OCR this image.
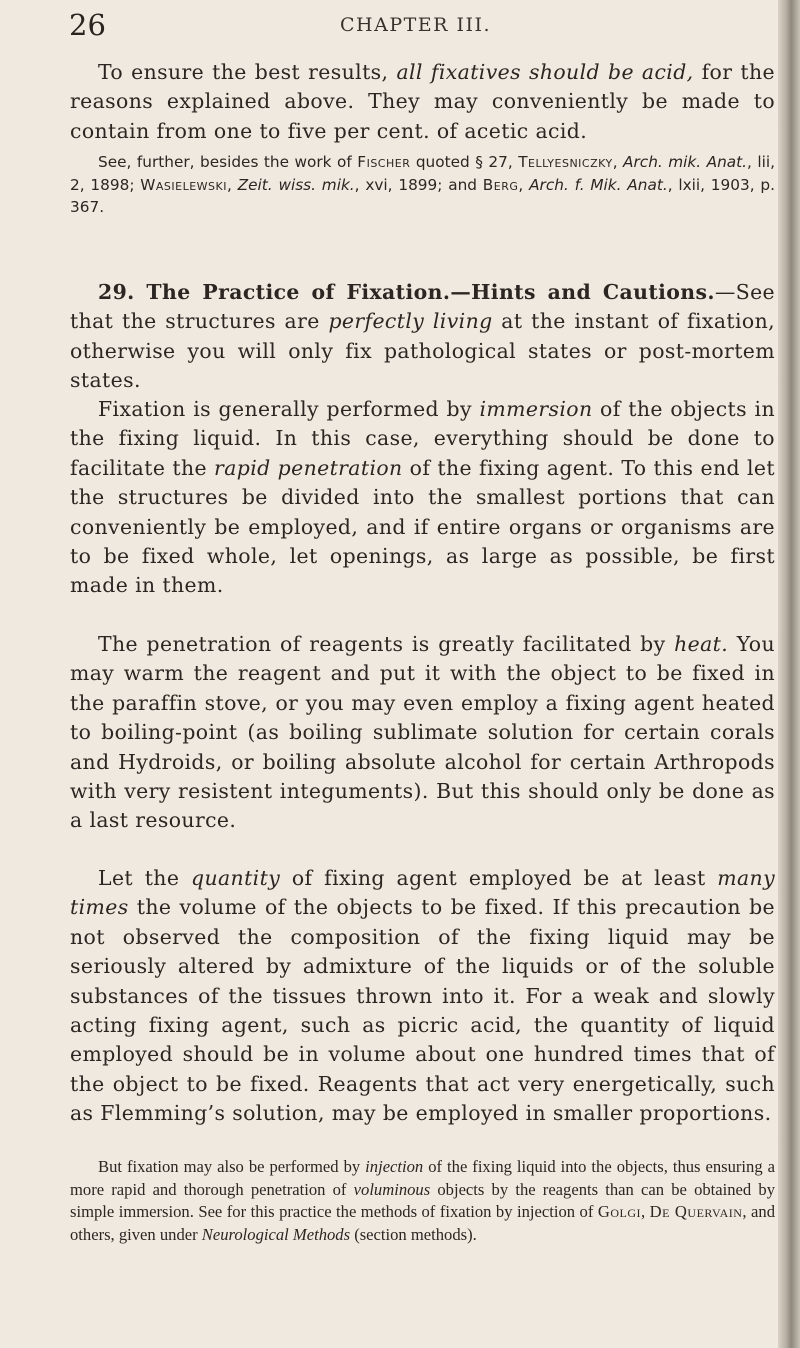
26	CHAPTER III.

To ensure the best results, all fixatives should be acid, for the reasons explained above. They may conveniently be made to contain from one to five per cent. of acetic acid.

See, further, besides the work of Fischer quoted § 27, Tellyesniczky, Arch. mik. Anat., lii, 2, 1898; Wasielewski, Zeit. wiss. mik., xvi, 1899; and Berg, Arch. f. Mik. Anat., lxii, 1903, p. 367.

29. The Practice of Fixation.—Hints and Cautions.—See that the structures are perfectly living at the instant of fixation, otherwise you will only fix pathological states or post-mortem states.

Fixation is generally performed by immersion of the objects in the fixing liquid. In this case, everything should be done to facilitate the rapid penetration of the fixing agent. To this end let the structures be divided into the smallest portions that can conveniently be employed, and if entire organs or organisms are to be fixed whole, let openings, as large as possible, be first made in them.

The penetration of reagents is greatly facilitated by heat. You may warm the reagent and put it with the object to be fixed in the paraffin stove, or you may even employ a fixing agent heated to boiling-point (as boiling sublimate solution for certain corals and Hydroids, or boiling absolute alcohol for certain Arthropods with very resistent integuments). But this should only be done as a last resource.

Let the quantity of fixing agent employed be at least many times the volume of the objects to be fixed. If this precaution be not observed the composition of the fixing liquid may be seriously altered by admixture of the liquids or of the soluble substances of the tissues thrown into it. For a weak and slowly acting fixing agent, such as picric acid, the quantity of liquid employed should be in volume about one hundred times that of the object to be fixed. Reagents that act very energetically, such as Flemming’s solution, may be employed in smaller proportions.

But fixation may also be performed by injection of the fixing liquid into the objects, thus ensuring a more rapid and thorough penetration of voluminous objects by the reagents than can be obtained by simple immersion. See for this practice the methods of fixation by injection of Golgi, De Quervain, and others, given under Neurological Methods (section methods).
